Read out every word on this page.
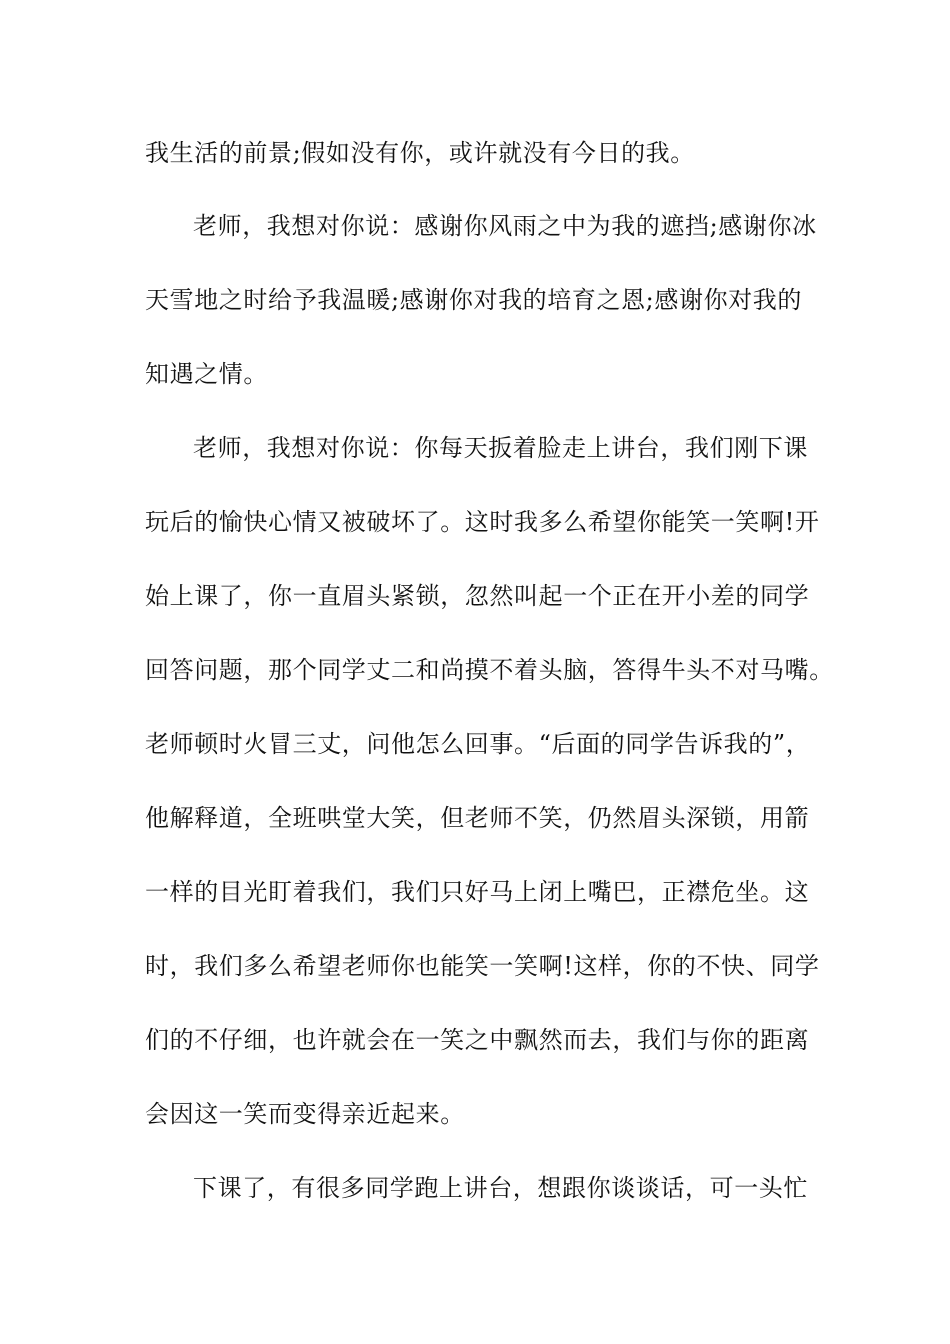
我生活的前景;假如没有你，或许就没有今日的我。
老师，我想对你说：感谢你风雨之中为我的遮挡;感谢你冰
天雪地之时给予我温暖;感谢你对我的培育之恩;感谢你对我的
知遇之情。
老师，我想对你说：你每天扳着脸走上讲台，我们刚下课
玩后的愉快心情又被破坏了。这时我多么希望你能笑一笑啊!开
始上课了，你一直眉头紧锁，忽然叫起一个正在开小差的同学
回答问题，那个同学丈二和尚摸不着头脑，答得牛头不对马嘴。
老师顿时火冒三丈，问他怎么回事。“后面的同学告诉我的”，
他解释道，全班哄堂大笑，但老师不笑，仍然眉头深锁，用箭
一样的目光盯着我们，我们只好马上闭上嘴巴，正襟危坐。这
时，我们多么希望老师你也能笑一笑啊!这样，你的不快、同学
们的不仔细，也许就会在一笑之中飘然而去，我们与你的距离
会因这一笑而变得亲近起来。
下课了，有很多同学跑上讲台，想跟你谈谈话，可一头忙
